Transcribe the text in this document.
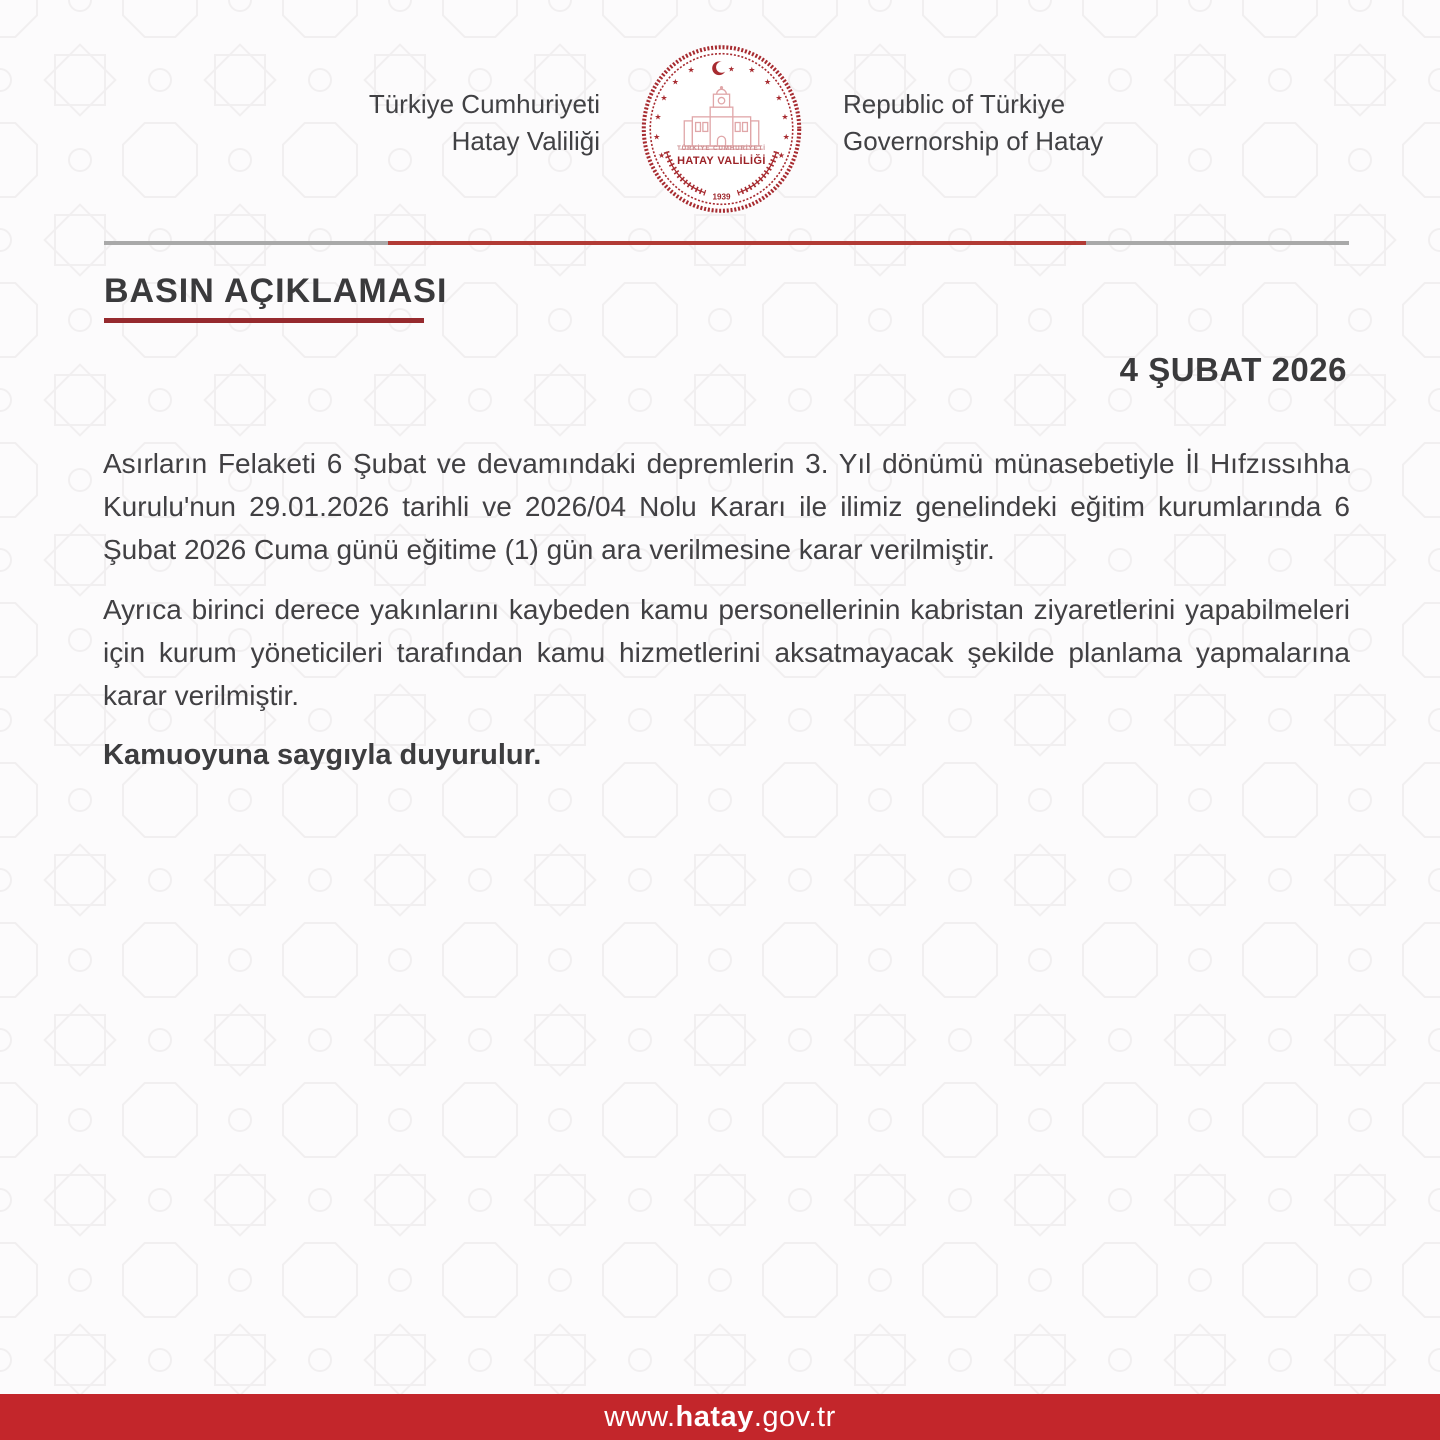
Türkiye Cumhuriyeti
Hatay Valiliği
★
★
★
★
★
★
★
★
★
★
★
★
★
TÜRKİYE CUMHURİYETİ
HATAY VALİLİĞİ
1939
Republic of Türkiye
Governorship of Hatay
BASIN AÇIKLAMASI
4 ŞUBAT 2026

Asırların Felaketi 6 Şubat ve devamındaki depremlerin 3. Yıl dönümü münasebetiyle İl Hıfzıssıhha Kurulu'nun 29.01.2026 tarihli ve 2026/04 Nolu Kararı ile ilimiz genelindeki eğitim kurumlarında 6 Şubat 2026 Cuma günü eğitime (1) gün ara verilmesine karar verilmiştir.

Ayrıca birinci derece yakınlarını kaybeden kamu personellerinin kabristan ziyaretlerini yapabilmeleri için kurum yöneticileri tarafından kamu hizmetlerini aksatmayacak şekilde planlama yapmalarına karar verilmiştir.

Kamuoyuna saygıyla duyurulur.

www.hatay.gov.tr
